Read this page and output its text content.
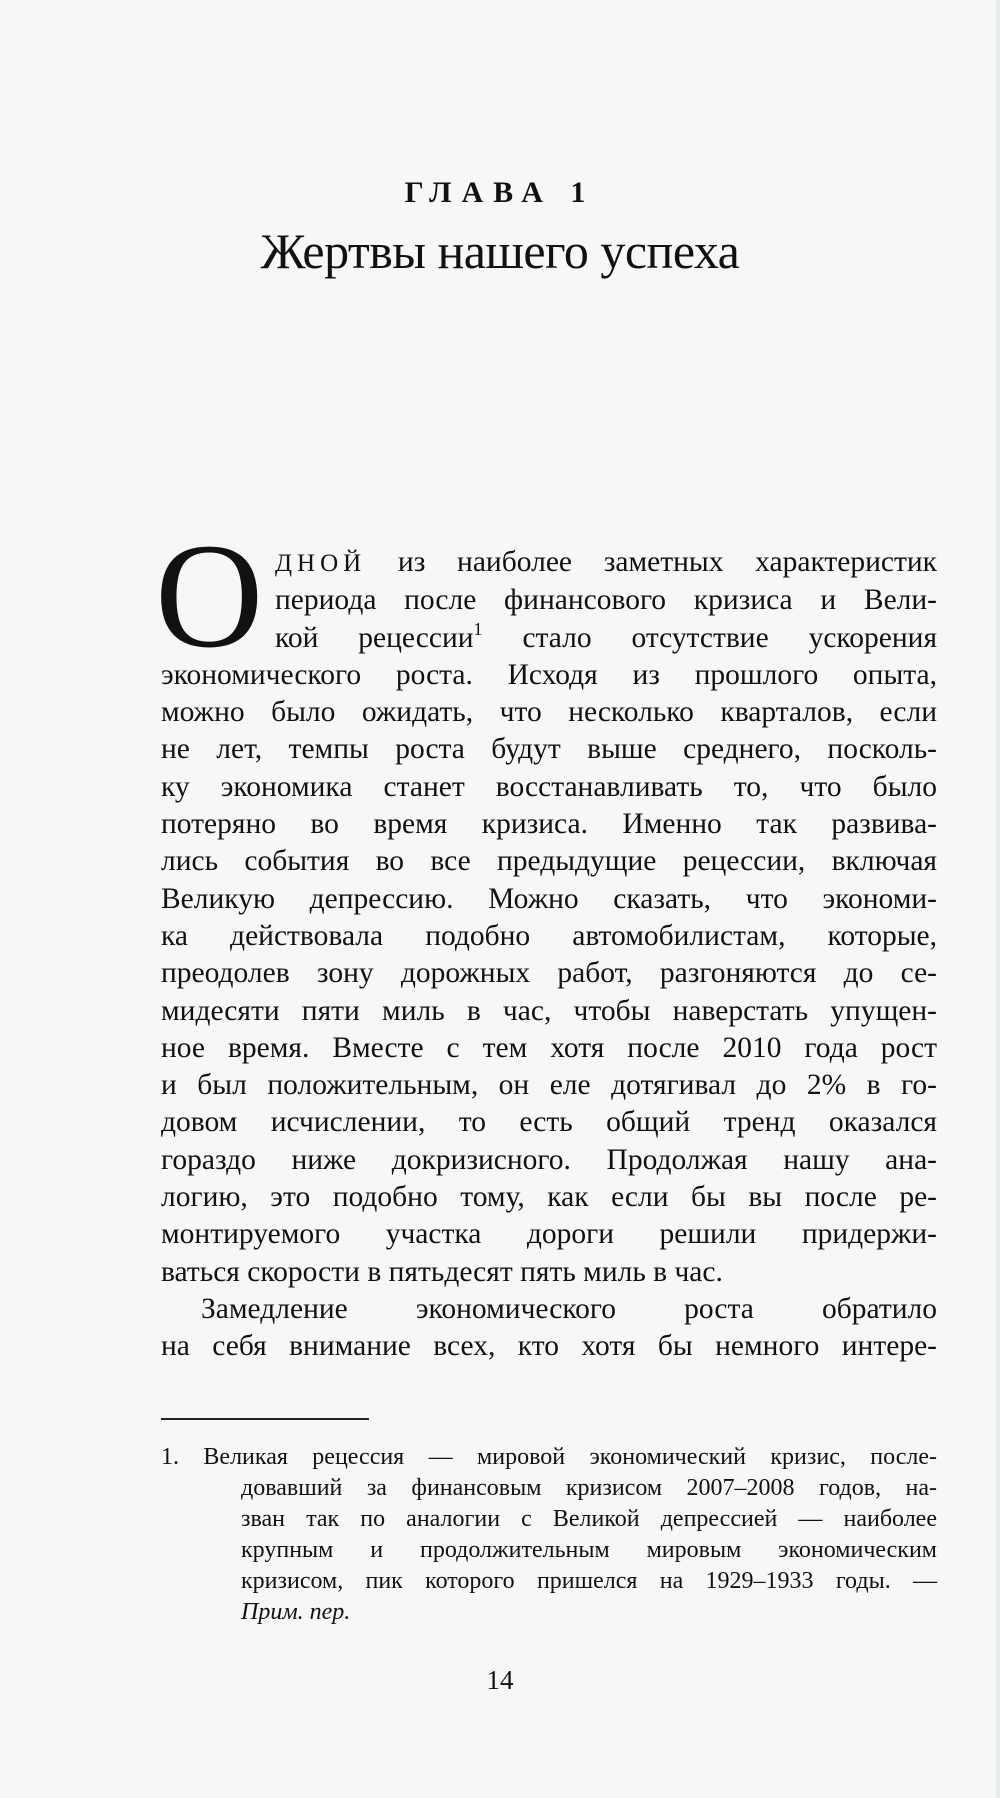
ГЛАВА 1
Жертвы нашего успеха
О ДНОЙ из наиболее заметных характеристик
периода после финансового кризиса и Вели-
кой рецессии$^1$ стало отсутствие ускорения
экономического роста. Исходя из прошлого опыта,
можно было ожидать, что несколько кварталов, если
не лет, темпы роста будут выше среднего, посколь-
ку экономика станет восстанавливать то, что было
потеряно во время кризиса. Именно так развива-
лись события во все предыдущие рецессии, включая
Великую депрессию. Можно сказать, что экономи-
ка действовала подобно автомобилистам, которые,
преодолев зону дорожных работ, разгоняются до се-
мидесяти пяти миль в час, чтобы наверстать упущен-
ное время. Вместе с тем хотя после 2010 года рост
и был положительным, он еле дотягивал до 2% в го-
довом исчислении, то есть общий тренд оказался
гораздо ниже докризисного. Продолжая нашу ана-
логию, это подобно тому, как если бы вы после ре-
монтируемого участка дороги решили придержи-
ваться скорости в пятьдесят пять миль в час.
Замедление экономического роста обратило
на себя внимание всех, кто хотя бы немного интере-
1. Великая рецессия — мировой экономический кризис, после-
довавший за финансовым кризисом 2007–2008 годов, на-
зван так по аналогии с Великой депрессией — наиболее
крупным и продолжительным мировым экономическим
кризисом, пик которого пришелся на 1929–1933 годы. —
Прим. пер.
14
